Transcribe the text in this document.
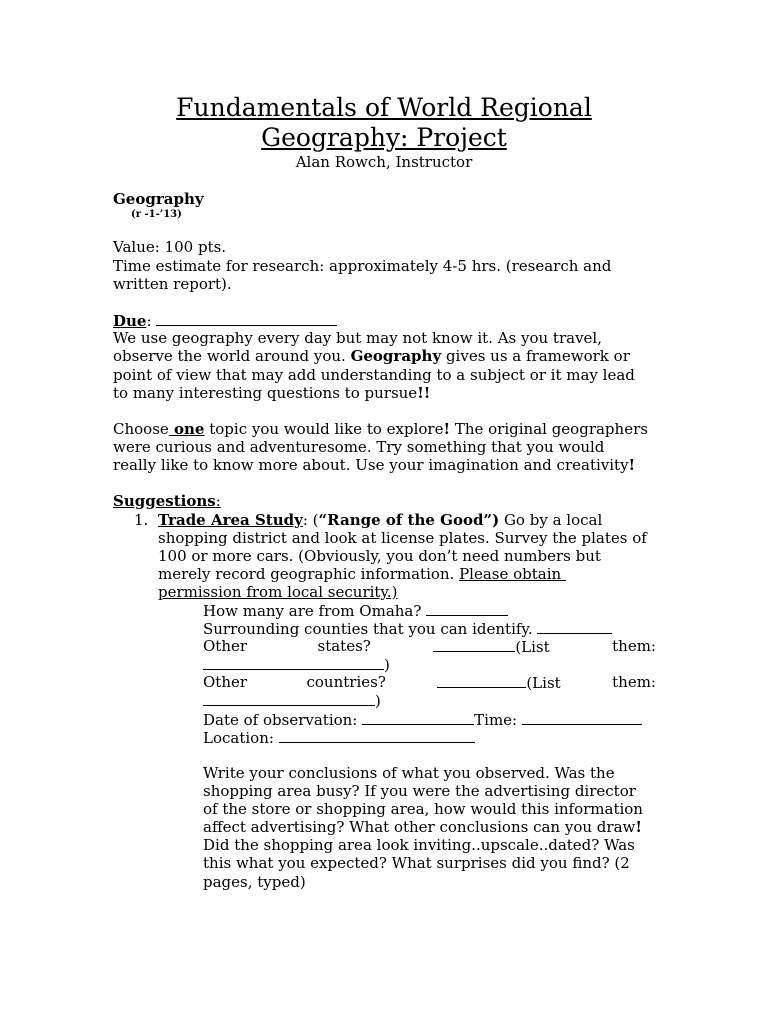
Fundamentals of World Regional
Geography: Project
Alan Rowch, Instructor
Geography
(r -1-’13)
Value: 100 pts.
Time estimate for research: approximately 4-5 hrs. (research and
written report).
Due:
We use geography every day but may not know it. As you travel,
observe the world around you. Geography gives us a framework or
point of view that may add understanding to a subject or it may lead
to many interesting questions to pursue!!
Choose one topic you would like to explore! The original geographers
were curious and adventuresome. Try something that you would
really like to know more about. Use your imagination and creativity!
Suggestions:
1. Trade Area Study: (“Range of the Good”) Go by a local
shopping district and look at license plates. Survey the plates of
100 or more cars. (Obviously, you don’t need numbers but
merely record geographic information. Please obtain
permission from local security.)
How many are from Omaha?
Surrounding counties that you can identify.
Other	states?	(List	them:
)
Other	countries?	(List	them:
)
Date of observation:	Time:
Location:
Write your conclusions of what you observed. Was the
shopping area busy? If you were the advertising director
of the store or shopping area, how would this information
affect advertising? What other conclusions can you draw!
Did the shopping area look inviting..upscale..dated? Was
this what you expected? What surprises did you find? (2
pages, typed)
